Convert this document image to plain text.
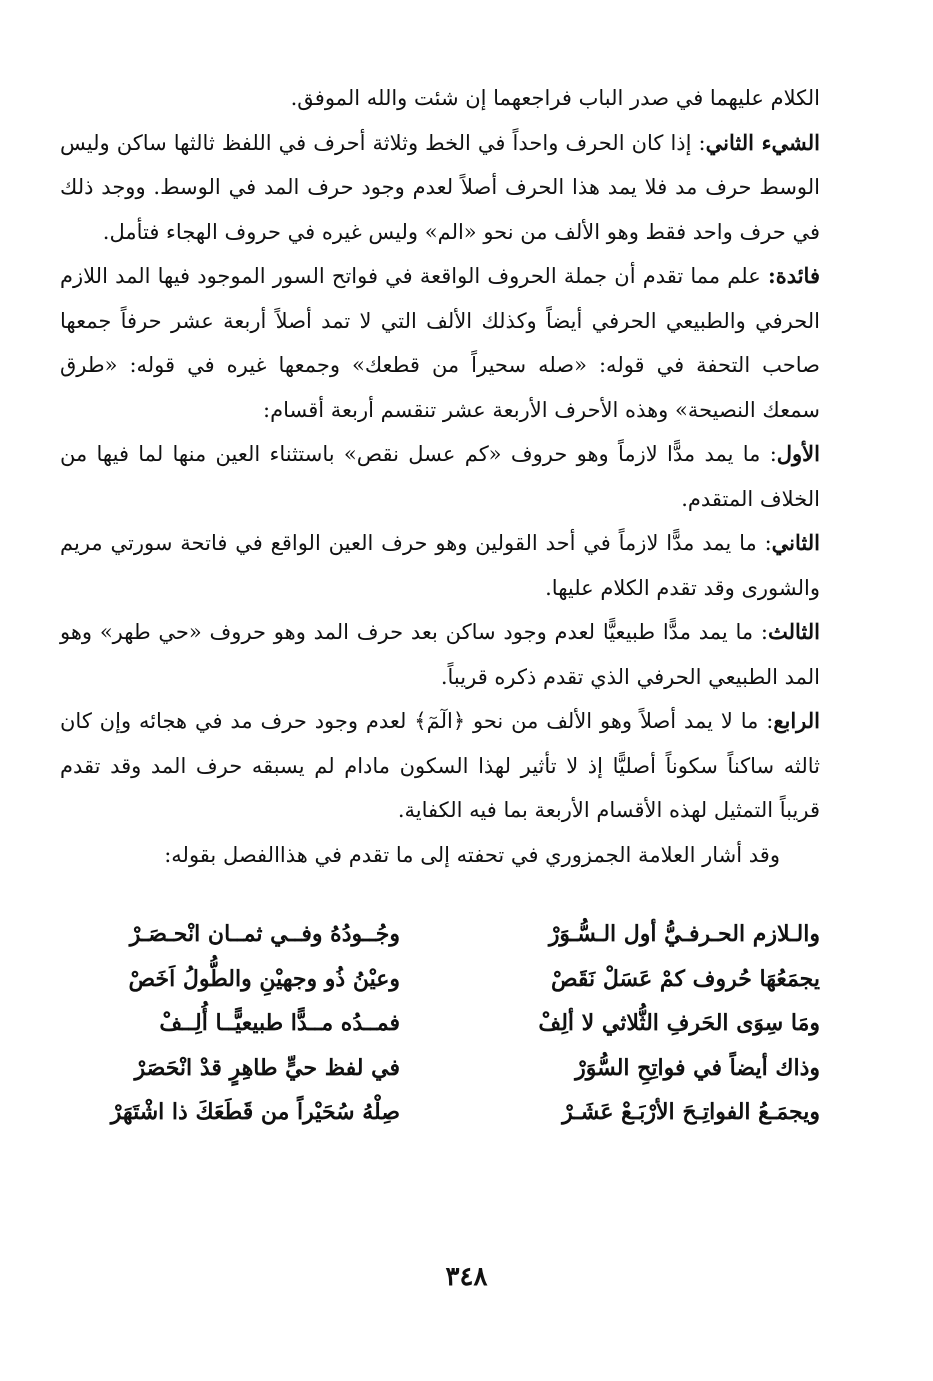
الكلام عليهما في صدر الباب فراجعهما إن شئت والله الموفق.

الشيء الثاني: إذا كان الحرف واحداً في الخط وثلاثة أحرف في اللفظ ثالثها ساكن وليس الوسط حرف مد فلا يمد هذا الحرف أصلاً لعدم وجود حرف المد في الوسط. ووجد ذلك في حرف واحد فقط وهو الألف من نحو «الم» وليس غيره في حروف الهجاء فتأمل.

فائدة: علم مما تقدم أن جملة الحروف الواقعة في فواتح السور الموجود فيها المد اللازم الحرفي والطبيعي الحرفي أيضاً وكذلك الألف التي لا تمد أصلاً أربعة عشر حرفاً جمعها صاحب التحفة في قوله: «صله سحيراً من قطعك» وجمعها غيره في قوله: «طرق سمعك النصيحة» وهذه الأحرف الأربعة عشر تنقسم أربعة أقسام:

الأول: ما يمد مدًّا لازماً وهو حروف «كم عسل نقص» باستثناء العين منها لما فيها من الخلاف المتقدم.

الثاني: ما يمد مدًّا لازماً في أحد القولين وهو حرف العين الواقع في فاتحة سورتي مريم والشورى وقد تقدم الكلام عليها.

الثالث: ما يمد مدًّا طبيعيًّا لعدم وجود ساكن بعد حرف المد وهو حروف «حي طهر» وهو المد الطبيعي الحرفي الذي تقدم ذكره قريباً.

الرابع: ما لا يمد أصلاً وهو الألف من نحو ﴿الٓمٓ﴾ لعدم وجود حرف مد في هجائه وإن كان ثالثه ساكناً سكوناً أصليًّا إذ لا تأثير لهذا السكون مادام لم يسبقه حرف المد وقد تقدم قريباً التمثيل لهذه الأقسام الأربعة بما فيه الكفاية.

وقد أشار العلامة الجمزوري في تحفته إلى ما تقدم في هذاالفصل بقوله:

والـلازم الحـرفـيُّ أول الـسُّـوَرْ
وجُــودُهُ وفــي ثمــان انْحـصَـرْ
يجمَعُهَا حُروف كمْ عَسَلْ نَقَصْ
وعيْنُ ذُو وجهيْنِ والطُّولُ اَخَصْ
ومَا سِوَى الحَرفِ الثُّلاثي لا ألِفْ
فمــدُه مــدًّا طبيعيًّــا أُلِــفْ
وذاك أيضاً في فواتِحِ السُّوَرْ
في لفظ حيٍّ طاهِرٍ قدْ انْحَصَرْ
ويجمَـعُ الفواتِـحَ الأرْبَـعْ عَشَـرْ
صِلْهُ سُحَيْراً من قَطَعَكَ ذا اشْتَهَرْ
٣٤٨
